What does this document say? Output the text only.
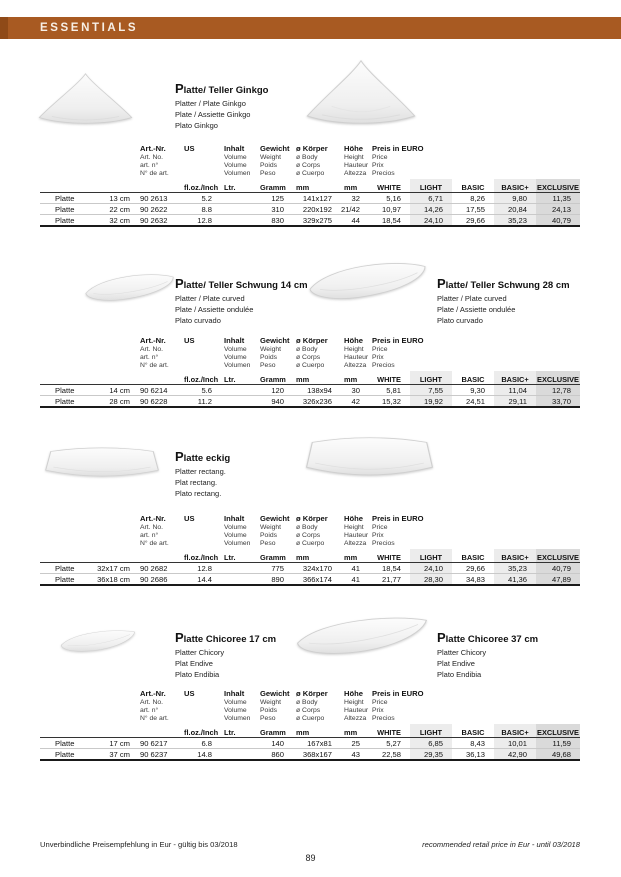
ESSENTIALS
Platte/ Teller Ginkgo
Platter / Plate Ginkgo
Plate / Assiette Ginkgo
Plato Ginkgo
		Art.-Nr.	US	Inhalt	Gewicht	ø Körper	Höhe	Preis in EURO				
		Art. No.		Volume	Weight	ø Body	Height	Price				
		art. n°		Volume	Poids	ø Corps	Hauteur	Prix				
		N° de art.		Volumen	Peso	ø Cuerpo	Altezza	Precios				
			fl.oz./Inch	Ltr.	Gramm	mm	mm	WHITE	LIGHT	BASIC	BASIC+	EXCLUSIVE
Platte	13 cm	90 2613	5.2		125	141x127	32	5,16	6,71	8,26	9,80	11,35
Platte	22 cm	90 2622	8.8		310	220x192	21/42	10,97	14,26	17,55	20,84	24,13
Platte	32 cm	90 2632	12.8		830	329x275	44	18,54	24,10	29,66	35,23	40,79
Platte/ Teller Schwung 14 cm
Platter / Plate curved
Plate / Assiette ondulée
Plato curvado
Platte/ Teller Schwung 28 cm
Platter / Plate curved
Plate / Assiette ondulée
Plato curvado
		Art.-Nr.	US	Inhalt	Gewicht	ø Körper	Höhe	Preis in EURO				
		Art. No.		Volume	Weight	ø Body	Height	Price				
		art. n°		Volume	Poids	ø Corps	Hauteur	Prix				
		N° de art.		Volumen	Peso	ø Cuerpo	Altezza	Precios				
			fl.oz./Inch	Ltr.	Gramm	mm	mm	WHITE	LIGHT	BASIC	BASIC+	EXCLUSIVE
Platte	14 cm	90 6214	5.6		120	138x94	30	5,81	7,55	9,30	11,04	12,78
Platte	28 cm	90 6228	11.2		940	326x236	42	15,32	19,92	24,51	29,11	33,70
Platte eckig
Platter rectang.
Plat rectang.
Plato rectang.
		Art.-Nr.	US	Inhalt	Gewicht	ø Körper	Höhe	Preis in EURO				
		Art. No.		Volume	Weight	ø Body	Height	Price				
		art. n°		Volume	Poids	ø Corps	Hauteur	Prix				
		N° de art.		Volumen	Peso	ø Cuerpo	Altezza	Precios				
			fl.oz./Inch	Ltr.	Gramm	mm	mm	WHITE	LIGHT	BASIC	BASIC+	EXCLUSIVE
Platte	32x17 cm	90 2682	12.8		775	324x170	41	18,54	24,10	29,66	35,23	40,79
Platte	36x18 cm	90 2686	14.4		890	366x174	41	21,77	28,30	34,83	41,36	47,89
Platte Chicoree 17 cm
Platter Chicory
Plat Endive
Plato Endibia
Platte Chicoree 37 cm
Platter Chicory
Plat Endive
Plato Endibia
		Art.-Nr.	US	Inhalt	Gewicht	ø Körper	Höhe	Preis in EURO				
		Art. No.		Volume	Weight	ø Body	Height	Price				
		art. n°		Volume	Poids	ø Corps	Hauteur	Prix				
		N° de art.		Volumen	Peso	ø Cuerpo	Altezza	Precios				
			fl.oz./Inch	Ltr.	Gramm	mm	mm	WHITE	LIGHT	BASIC	BASIC+	EXCLUSIVE
Platte	17 cm	90 6217	6.8		140	167x81	25	5,27	6,85	8,43	10,01	11,59
Platte	37 cm	90 6237	14.8		860	368x167	43	22,58	29,35	36,13	42,90	49,68
Unverbindliche Preisempfehlung in Eur - gültig bis 03/2018	recommended retail price in Eur - until 03/2018
89
